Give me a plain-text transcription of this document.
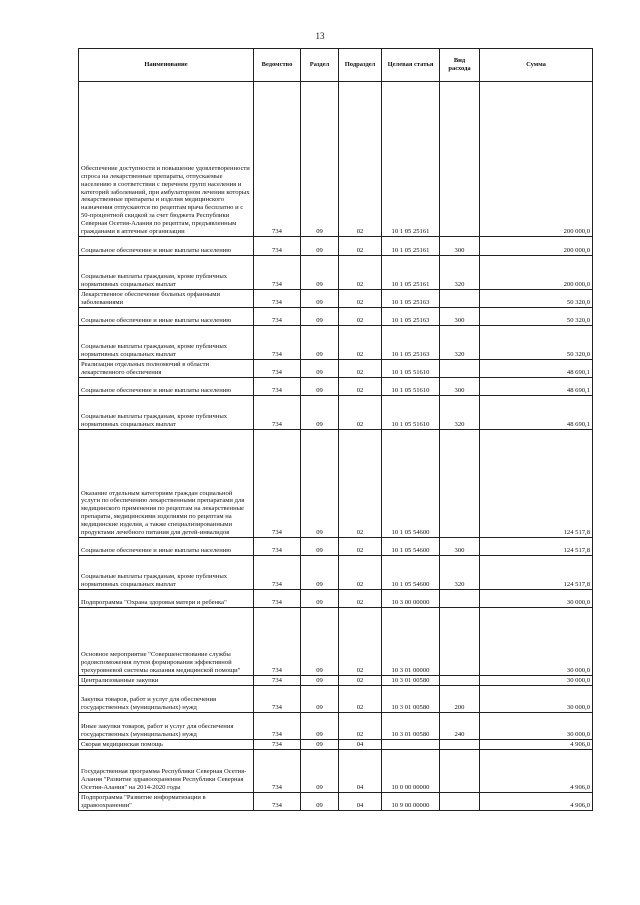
13
Наименование	Ведомство	Раздел	Подраздел	Целевая статья	Вид расхода	Сумма

Обеспечение доступности и повышение удовлетворенности спроса на лекарственные препараты, отпускаемые населению в соответствии с перечнем групп населения и категорий заболеваний, при амбулаторном лечении которых лекарственные препараты и изделия медицинского назначения отпускаются по рецептам врача бесплатно и с 50-процентной скидкой за счет бюджета Республики Северная Осетия-Алания по рецептам, предъявленным гражданами в аптечные организации	734	09	02	10 1 05 25161		200 000,0

Социальное обеспечение и иные выплаты населению	734	09	02	10 1 05 25161	300	200 000,0

Социальные выплаты гражданам, кроме публичных нормативных социальных выплат	734	09	02	10 1 05 25161	320	200 000,0

Лекарственное обеспечение больных орфанными заболеваниями	734	09	02	10 1 05 25163		50 320,0

Социальное обеспечение и иные выплаты населению	734	09	02	10 1 05 25163	300	50 320,0

Социальные выплаты гражданам, кроме публичных нормативных социальных выплат	734	09	02	10 1 05 25163	320	50 320,0

Реализация отдельных полномочий в области лекарственного обеспечения	734	09	02	10 1 05 51610		48 690,1

Социальное обеспечение и иные выплаты населению	734	09	02	10 1 05 51610	300	48 690,1

Социальные выплаты гражданам, кроме публичных нормативных социальных выплат	734	09	02	10 1 05 51610	320	48 690,1

Оказание отдельным категориям граждан социальной услуги по обеспечению лекарственными препаратами для медицинского применения по рецептам на лекарственные препараты, медицинскими изделиями по рецептам на медицинские изделия, а также специализированными продуктами лечебного питания для детей-инвалидов	734	09	02	10 1 05 54600		124 517,8

Социальное обеспечение и иные выплаты населению	734	09	02	10 1 05 54600	300	124 517,8

Социальные выплаты гражданам, кроме публичных нормативных социальных выплат	734	09	02	10 1 05 54600	320	124 517,8

Подпрограмма "Охрана здоровья матери и ребенка"	734	09	02	10 3 00 00000		30 000,0

Основное мероприятие "Совершенствование службы родовспоможения путем формирования эффективной трехуровневой системы оказания медицинской помощи"	734	09	02	10 3 01 00000		30 000,0

Централизованные закупки	734	09	02	10 3 01 00580		30 000,0

Закупка товаров, работ и услуг для обеспечения государственных (муниципальных) нужд	734	09	02	10 3 01 00580	200	30 000,0

Иные закупки товаров, работ и услуг для обеспечения государственных (муниципальных) нужд	734	09	02	10 3 01 00580	240	30 000,0

Скорая медицинская помощь	734	09	04			4 906,0

Государственная программа Республики Северная Осетия-Алания "Развитие здравоохранения Республики Северная Осетия-Алания" на 2014-2020 годы	734	09	04	10 0 00 00000		4 906,0

Подпрограмма "Развитие информатизации в здравоохранении"	734	09	04	10 9 00 00000		4 906,0
